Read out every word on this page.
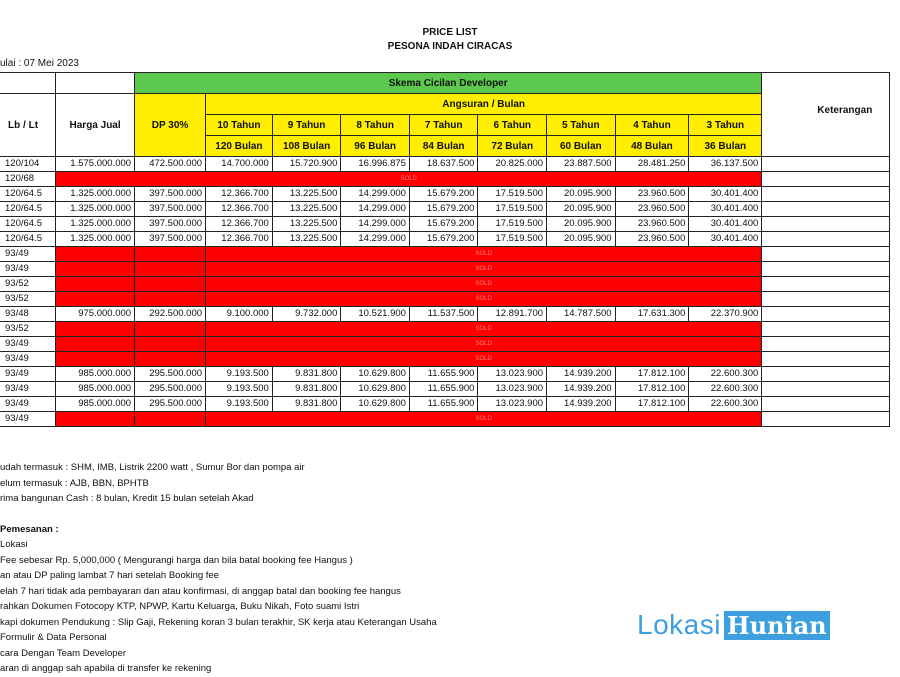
PRICE LIST
PESONA INDAH CIRACAS
ulai : 07 Mei 2023
		Skema Cicilan Developer									Keterangan
Lb / Lt	Harga Jual	DP 30%	Angsuran / Bulan								
			10 Tahun	9 Tahun	8 Tahun	7 Tahun	6 Tahun	5 Tahun	4 Tahun	3 Tahun	
			120 Bulan	108 Bulan	96 Bulan	84 Bulan	72 Bulan	60 Bulan	48 Bulan	36 Bulan	
120/104	1.575.000.000	472.500.000	14.700.000	15.720.900	16.996.875	18.637.500	20.825.000	23.887.500	28.481.250	36.137.500	
120/68	SOLD										
120/64.5	1.325.000.000	397.500.000	12.366.700	13.225.500	14.299.000	15.679.200	17.519.500	20.095.900	23.960.500	30.401.400	
120/64.5	1.325.000.000	397.500.000	12.366.700	13.225.500	14.299.000	15.679.200	17.519.500	20.095.900	23.960.500	30.401.400	
120/64.5	1.325.000.000	397.500.000	12.366.700	13.225.500	14.299.000	15.679.200	17.519.500	20.095.900	23.960.500	30.401.400	
120/64.5	1.325.000.000	397.500.000	12.366.700	13.225.500	14.299.000	15.679.200	17.519.500	20.095.900	23.960.500	30.401.400	
93/49			SOLD								
93/49			SOLD								
93/52			SOLD								
93/52			SOLD								
93/48	975.000.000	292.500.000	9.100.000	9.732.000	10.521.900	11.537.500	12.891.700	14.787.500	17.631.300	22.370.900	
93/52			SOLD								
93/49			SOLD								
93/49			SOLD								
93/49	985.000.000	295.500.000	9.193.500	9.831.800	10.629.800	11.655.900	13.023.900	14.939.200	17.812.100	22.600.300	
93/49	985.000.000	295.500.000	9.193.500	9.831.800	10.629.800	11.655.900	13.023.900	14.939.200	17.812.100	22.600.300	
93/49	985.000.000	295.500.000	9.193.500	9.831.800	10.629.800	11.655.900	13.023.900	14.939.200	17.812.100	22.600.300	
93/49			SOLD								
udah termasuk : SHM, IMB, Listrik 2200 watt , Sumur Bor dan pompa air
elum termasuk : AJB, BBN, BPHTB
rima bangunan Cash : 8 bulan, Kredit 15 bulan setelah Akad
Pemesanan :
Lokasi
Fee sebesar Rp. 5,000,000 ( Mengurangi harga dan bila batal booking fee Hangus )
an atau DP paling lambat 7 hari setelah Booking fee
elah 7 hari tidak ada pembayaran dan atau konfirmasi, di anggap batal dan booking fee hangus
rahkan Dokumen Fotocopy KTP, NPWP, Kartu Keluarga, Buku Nikah, Foto suami Istri
kapi dokumen Pendukung : Slip Gaji, Rekening koran 3 bulan terakhir, SK kerja atau Keterangan Usaha
Formulir & Data Personal
cara Dengan Team Developer
aran di anggap sah apabila di transfer ke rekening
Lokasi Hunian
